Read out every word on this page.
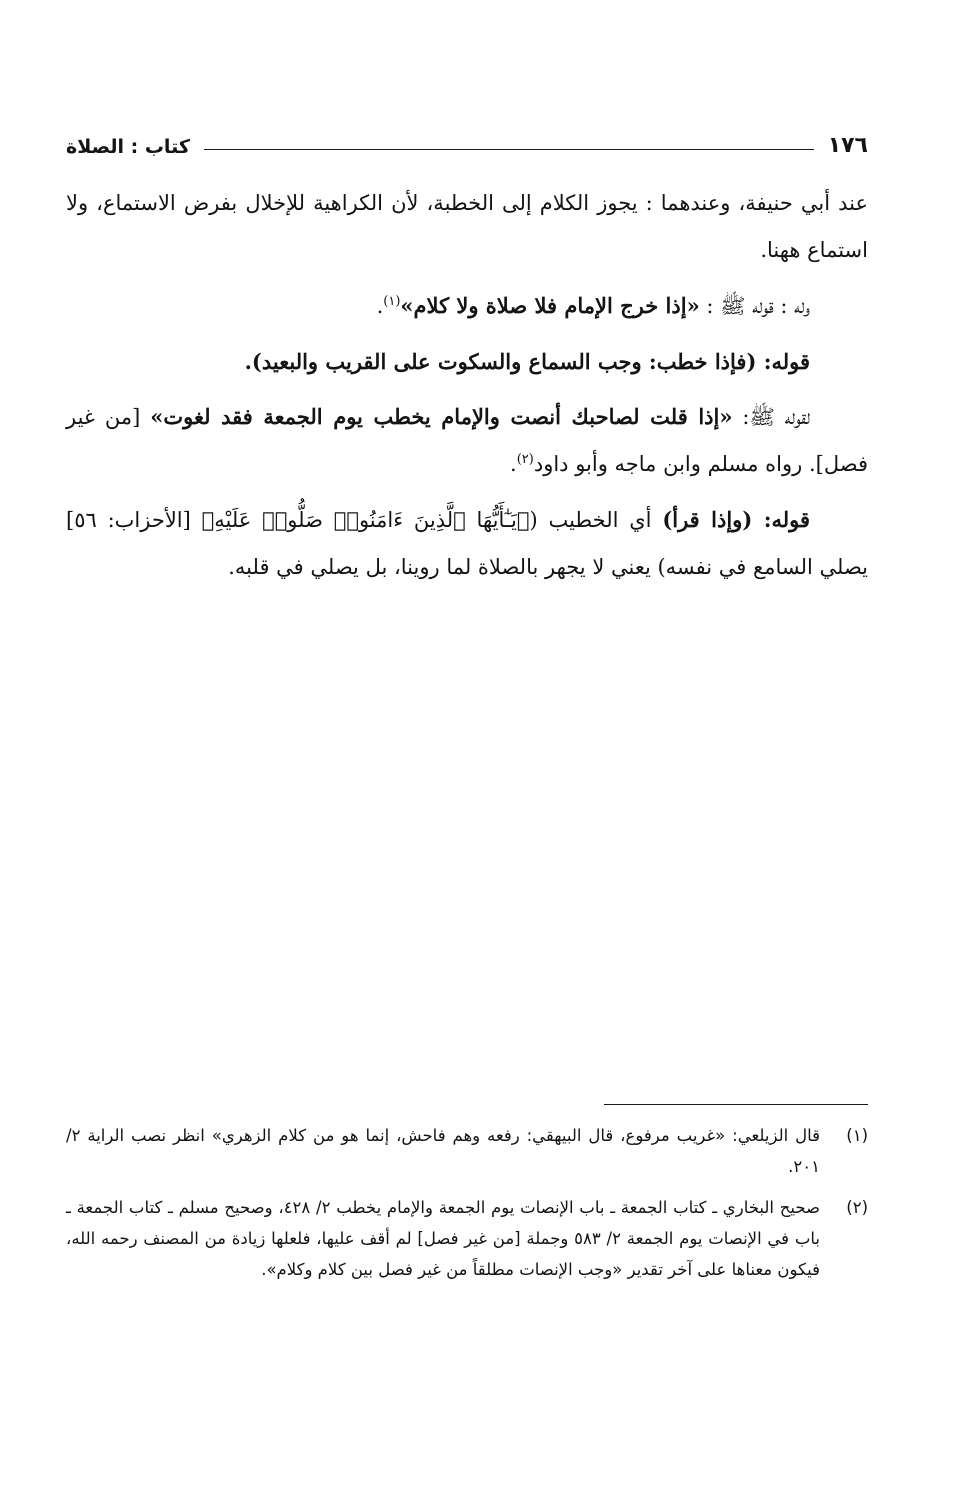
١٧٦
كتاب : الصلاة

عند أبي حنيفة، وعندهما : يجوز الكلام إلى الخطبة، لأن الكراهية للإخلال بفرض الاستماع، ولا استماع ههنا.

وله : قوله ﷺ : «إذا خرج الإمام فلا صلاة ولا كلام»$^{(١)}$.

قوله: (فإذا خطب: وجب السماع والسكوت على القريب والبعيد).

لقوله ﷺ: «إذا قلت لصاحبك أنصت والإمام يخطب يوم الجمعة فقد لغوت» [من غير فصل]. رواه مسلم وابن ماجه وأبو داود$^{(٢)}$.

قوله: (وإذا قرأ) أي الخطيب (﴿يَـٰٓأَيُّهَا ٱلَّذِينَ ءَامَنُوا۟ صَلُّوا۟ عَلَيْهِ﴾ [الأحزاب: ٥٦] يصلي السامع في نفسه) يعني لا يجهر بالصلاة لما روينا، بل يصلي في قلبه.

(١)
قال الزيلعي: «غريب مرفوع، قال البيهقي: رفعه وهم فاحش، إنما هو من كلام الزهري» انظر نصب الراية ٢/ ٢٠١.
(٢)
صحيح البخاري ـ كتاب الجمعة ـ باب الإنصات يوم الجمعة والإمام يخطب ٢/ ٤٢٨، وصحيح مسلم ـ كتاب الجمعة ـ باب في الإنصات يوم الجمعة ٢/ ٥٨٣ وجملة [من غير فصل] لم أقف عليها، فلعلها زيادة من المصنف رحمه الله، فيكون معناها على آخر تقدير «وجب الإنصات مطلقاً من غير فصل بين كلام وكلام».
